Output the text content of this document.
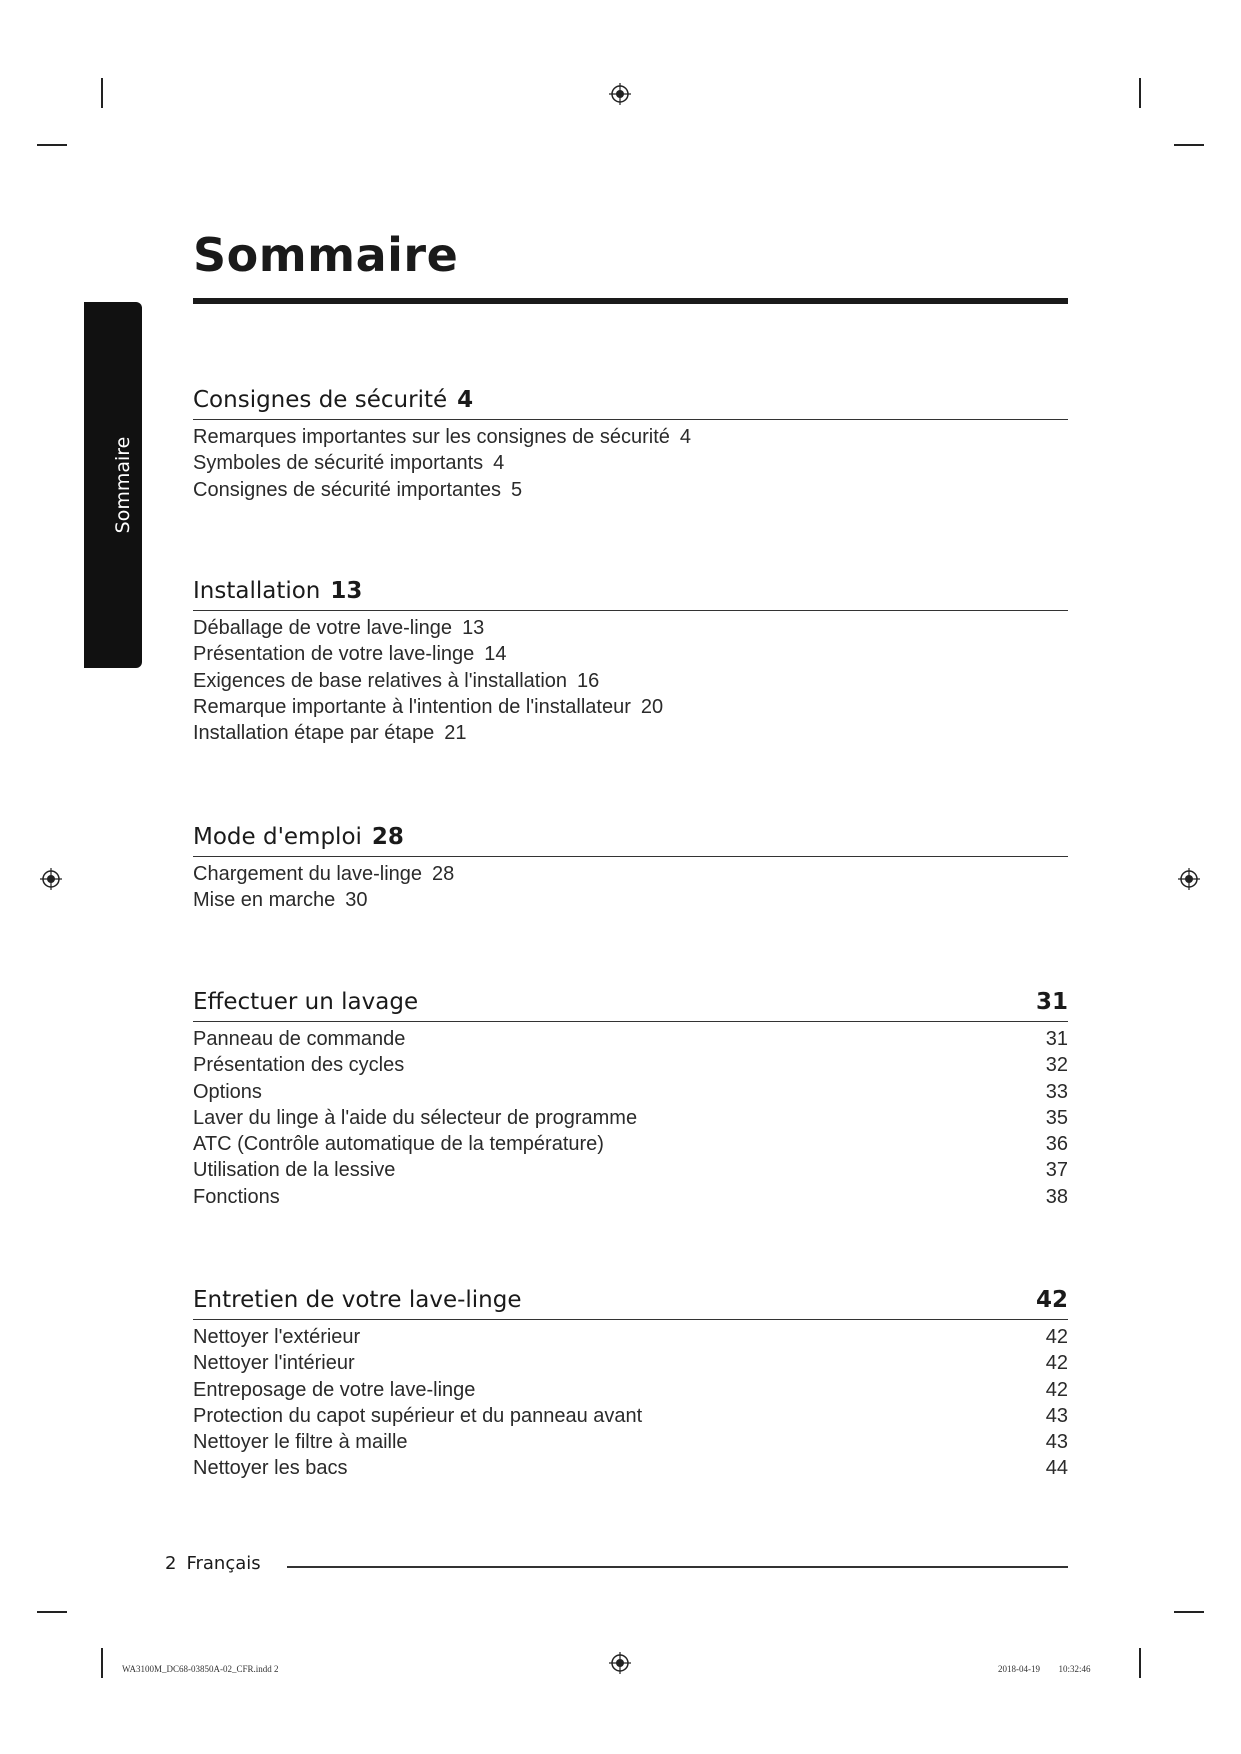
Sommaire
Sommaire
Consignes de sécurité 4
Remarques importantes sur les consignes de sécurité 4
Symboles de sécurité importants 4
Consignes de sécurité importantes 5
Installation 13
Déballage de votre lave-linge 13
Présentation de votre lave-linge 14
Exigences de base relatives à l'installation 16
Remarque importante à l'intention de l'installateur 20
Installation étape par étape 21
Mode d'emploi 28
Chargement du lave-linge 28
Mise en marche 30
Effectuer un lavage	31
Panneau de commande	31
Présentation des cycles	32
Options	33
Laver du linge à l'aide du sélecteur de programme	35
ATC (Contrôle automatique de la température)	36
Utilisation de la lessive	37
Fonctions	38
Entretien de votre lave-linge	42
Nettoyer l'extérieur	42
Nettoyer l'intérieur	42
Entreposage de votre lave-linge	42
Protection du capot supérieur et du panneau avant	43
Nettoyer le filtre à maille	43
Nettoyer les bacs	44
2 Français
WA3100M_DC68-03850A-02_CFR.indd 2	2018-04-19 ￿￿ 10:32:46
